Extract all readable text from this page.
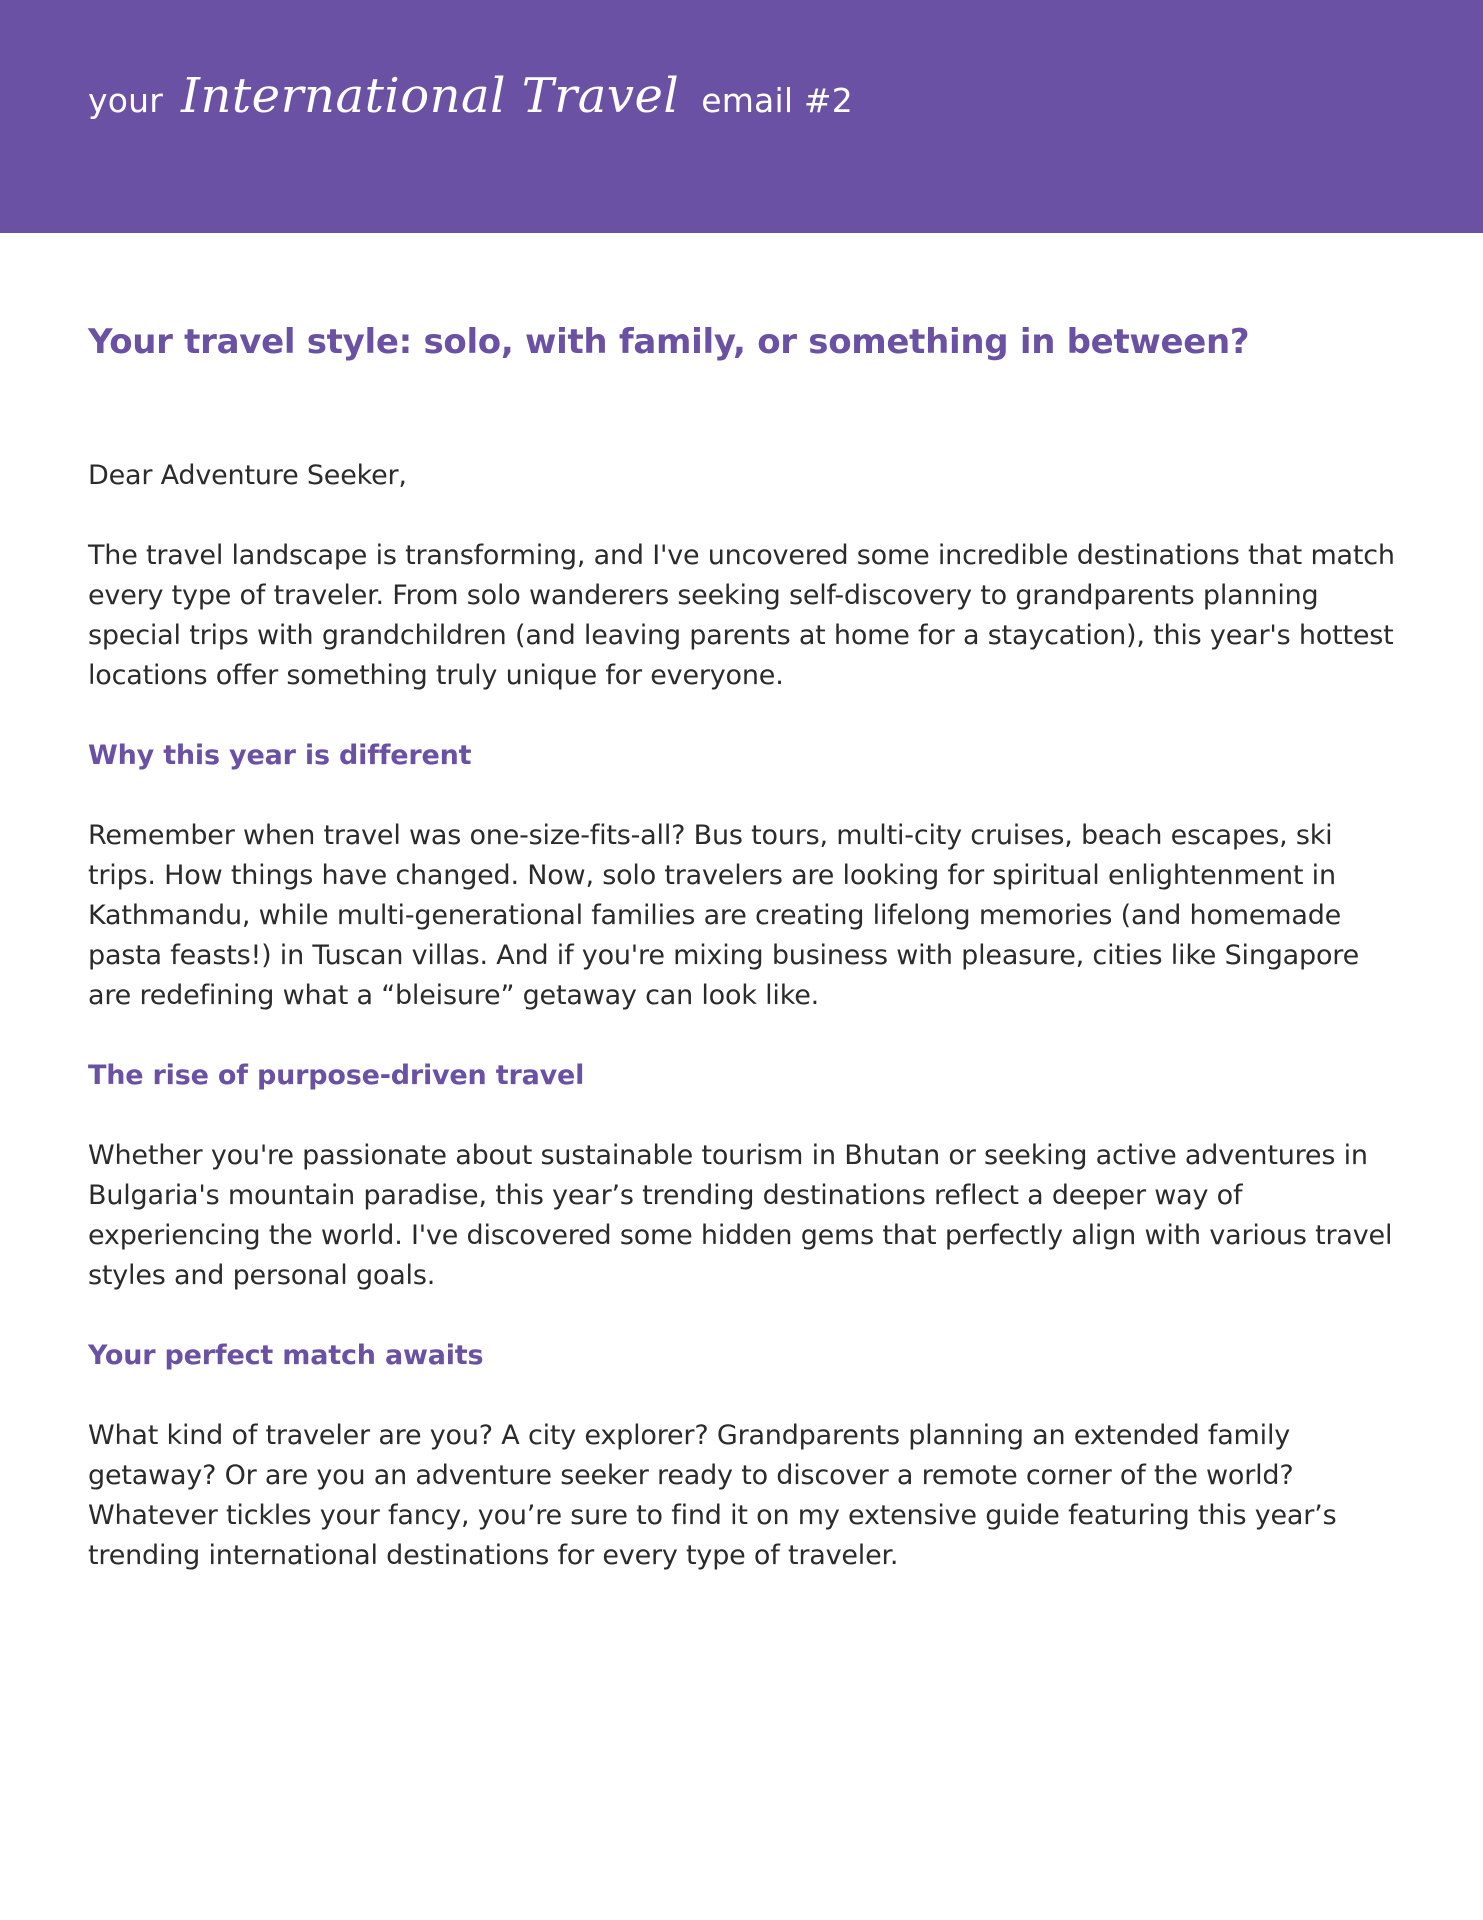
your International Travel email #2
Your travel style: solo, with family, or something in between?

Dear Adventure Seeker,

The travel landscape is transforming, and I've uncovered some incredible destinations that match every type of traveler. From solo wanderers seeking self-discovery to grandparents planning special trips with grandchildren (and leaving parents at home for a staycation), this year's hottest locations offer something truly unique for everyone.

Why this year is different

Remember when travel was one-size-fits-all? Bus tours, multi-city cruises, beach escapes, ski trips. How things have changed. Now, solo travelers are looking for spiritual enlightenment in Kathmandu, while multi-generational families are creating lifelong memories (and homemade pasta feasts!) in Tuscan villas. And if you're mixing business with pleasure, cities like Singapore are redefining what a “bleisure” getaway can look like.

The rise of purpose-driven travel

Whether you're passionate about sustainable tourism in Bhutan or seeking active adventures in Bulgaria's mountain paradise, this year’s trending destinations reflect a deeper way of experiencing the world. I've discovered some hidden gems that perfectly align with various travel styles and personal goals.

Your perfect match awaits

What kind of traveler are you? A city explorer? Grandparents planning an extended family getaway? Or are you an adventure seeker ready to discover a remote corner of the world? Whatever tickles your fancy, you’re sure to find it on my extensive guide featuring this year’s trending international destinations for every type of traveler.
